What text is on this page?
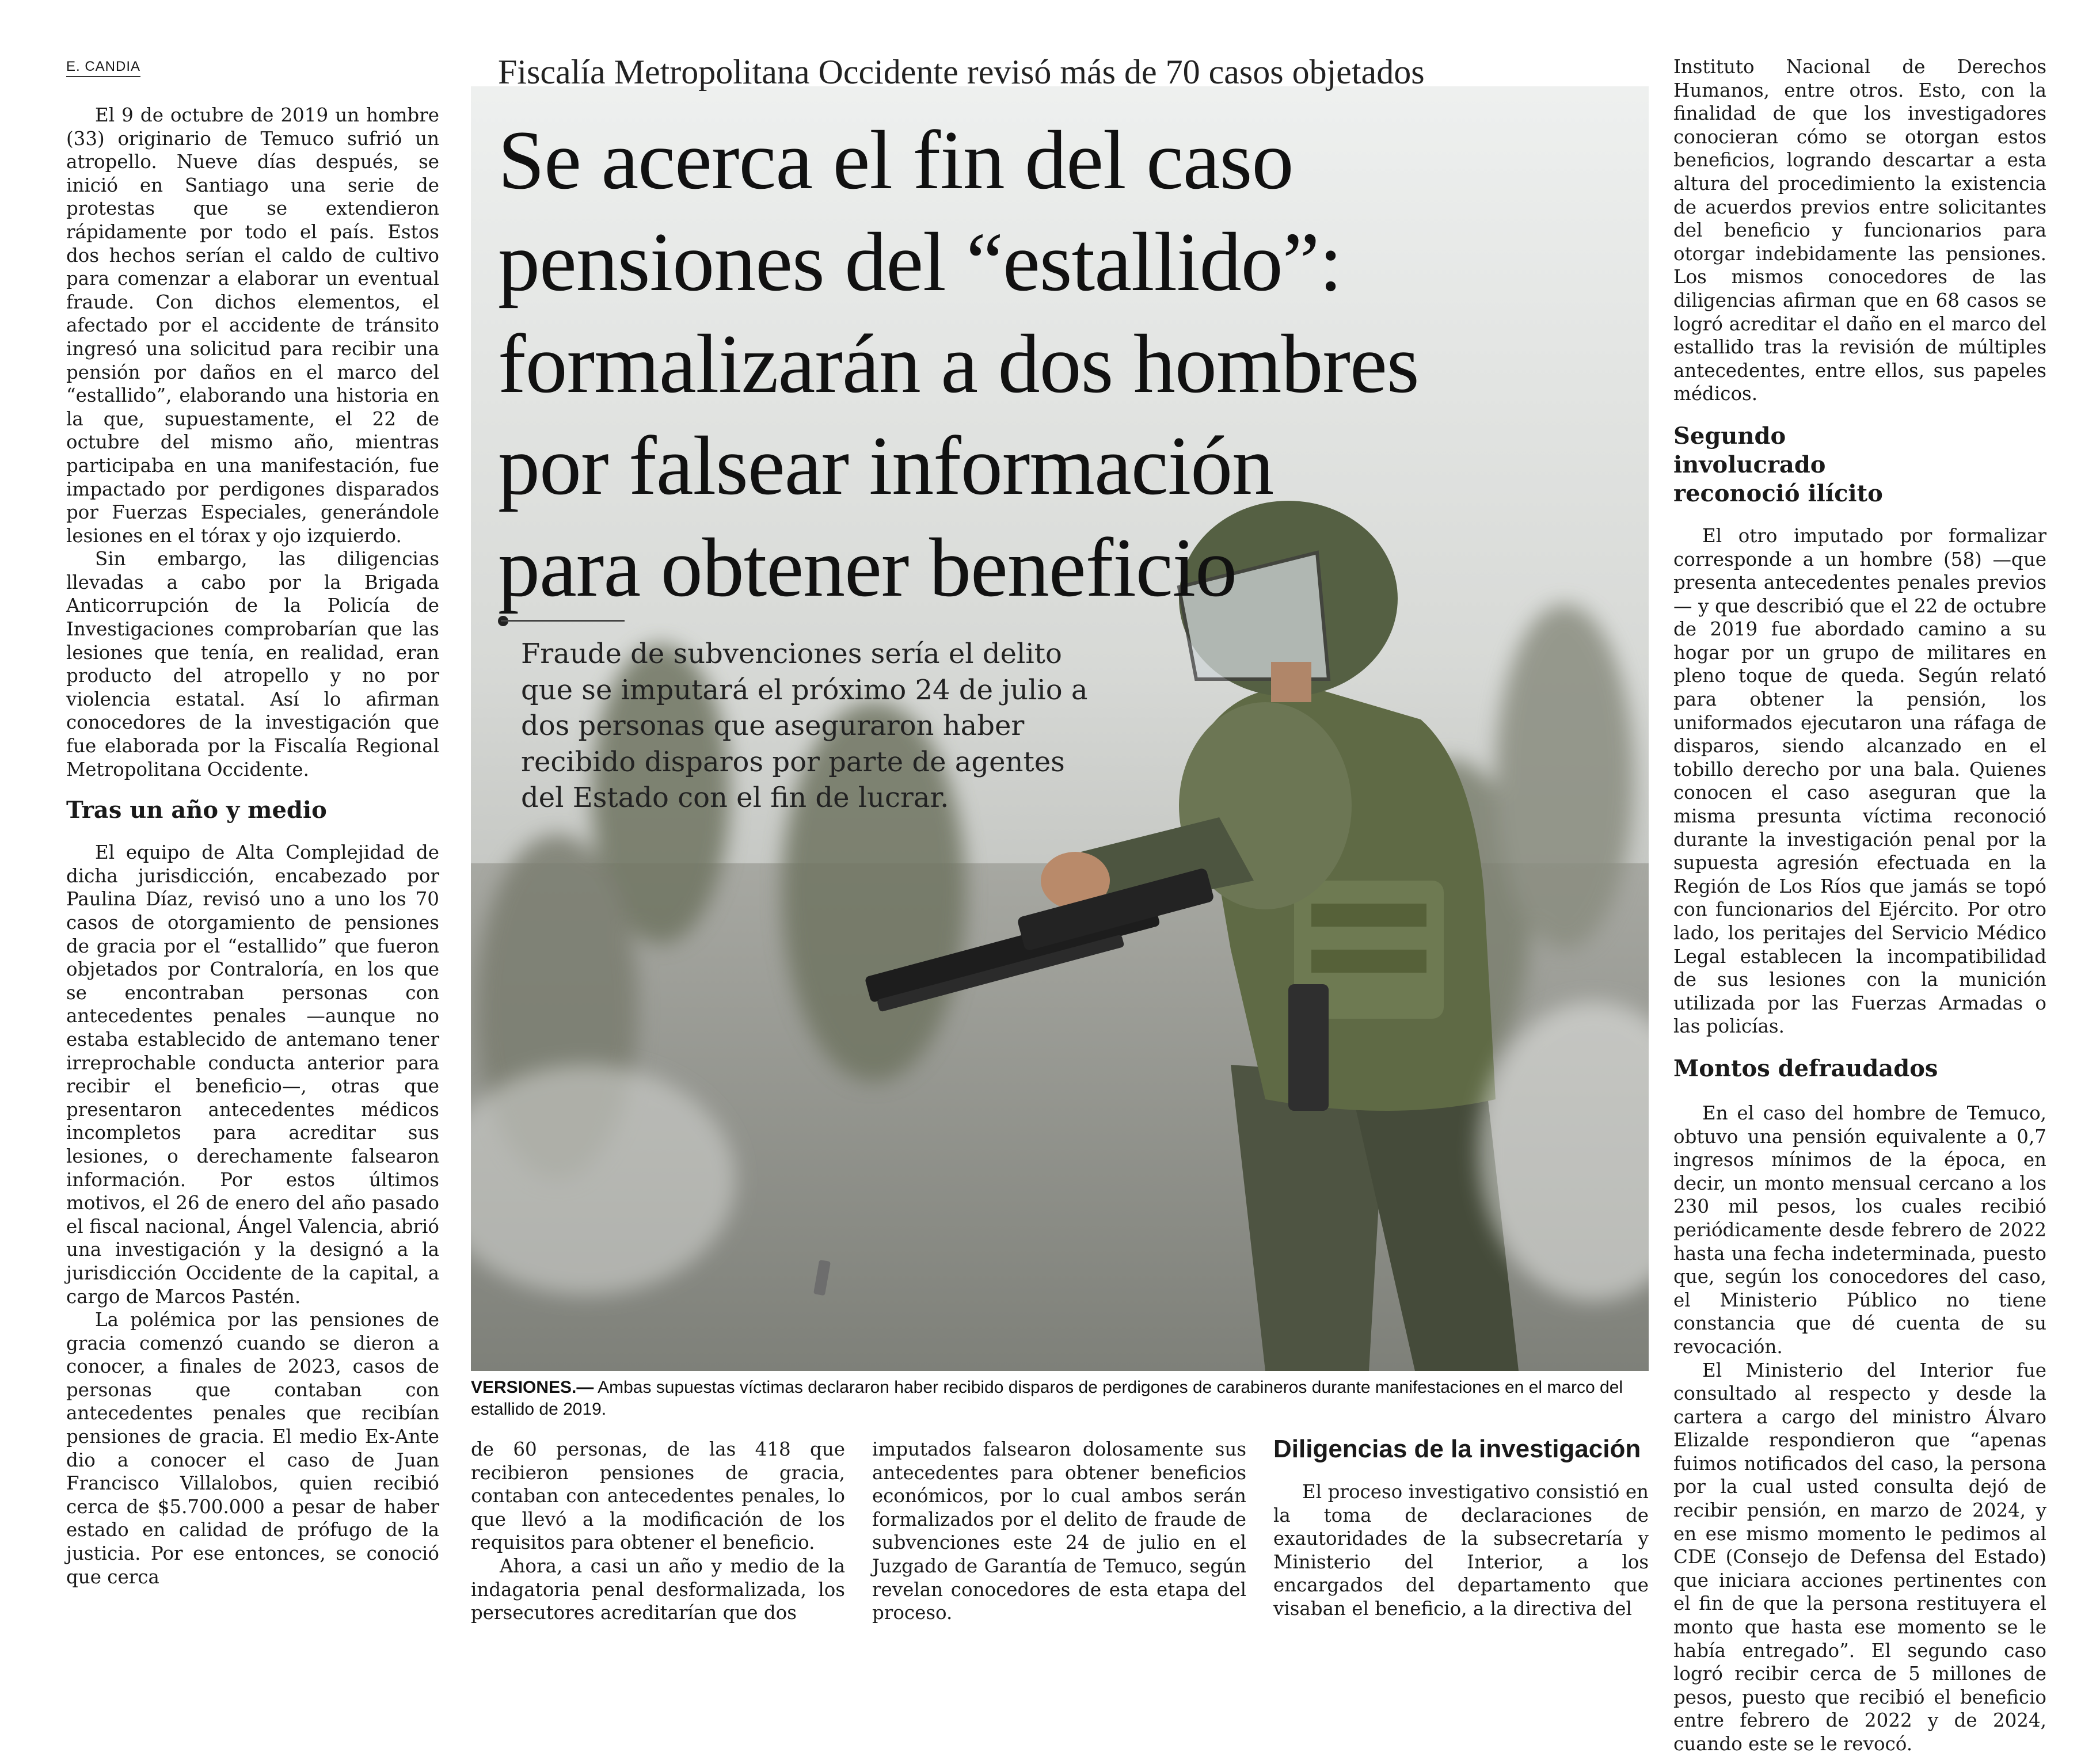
E. CANDIA

El 9 de octubre de 2019 un hombre (33) originario de Temuco sufrió un atropello. Nueve días después, se inició en Santiago una serie de protestas que se extendieron rápidamente por todo el país. Estos dos hechos serían el caldo de cultivo para comenzar a elaborar un eventual fraude. Con dichos elementos, el afectado por el accidente de tránsito ingresó una solicitud para recibir una pensión por daños en el marco del “estallido”, elaborando una historia en la que, supuestamente, el 22 de octubre del mismo año, mientras participaba en una manifestación, fue impactado por perdigones disparados por Fuerzas Especiales, generándole lesiones en el tórax y ojo izquierdo.

Sin embargo, las diligencias llevadas a cabo por la Brigada Anticorrupción de la Policía de Investigaciones comprobarían que las lesiones que tenía, en realidad, eran producto del atropello y no por violencia estatal. Así lo afirman conocedores de la investigación que fue elaborada por la Fiscalía Regional Metropolitana Occidente.

Tras un año y medio

El equipo de Alta Complejidad de dicha jurisdicción, encabezado por Paulina Díaz, revisó uno a uno los 70 casos de otorgamiento de pensiones de gracia por el “estallido” que fueron objetados por Contraloría, en los que se encontraban personas con antecedentes penales —aunque no estaba establecido de antemano tener irreprochable conducta anterior para recibir el beneficio—, otras que presentaron antecedentes médicos incompletos para acreditar sus lesiones, o derechamente falsearon información. Por estos últimos motivos, el 26 de enero del año pasado el fiscal nacional, Ángel Valencia, abrió una investigación y la designó a la jurisdicción Occidente de la capital, a cargo de Marcos Pastén.

La polémica por las pensiones de gracia comenzó cuando se dieron a conocer, a finales de 2023, casos de personas que contaban con antecedentes penales que recibían pensiones de gracia. El medio Ex-Ante dio a conocer el caso de Juan Francisco Villalobos, quien recibió cerca de $5.700.000 a pesar de haber estado en calidad de prófugo de la justicia. Por ese entonces, se conoció que cerca

Fiscalía Metropolitana Occidente revisó más de 70 casos objetados
Se acerca el fin del caso
pensiones del “estallido”:
formalizarán a dos hombres
por falsear información
para obtener beneficio
Fraude de subvenciones sería el delito que se imputará el próximo 24 de julio a dos personas que aseguraron haber recibido disparos por parte de agentes del Estado con el fin de lucrar.
VERSIONES.— Ambas supuestas víctimas declararon haber recibido disparos de perdigones de carabineros durante manifestaciones en el marco del estallido de 2019.

de 60 personas, de las 418 que recibieron pensiones de gracia, contaban con antecedentes penales, lo que llevó a la modificación de los requisitos para obtener el beneficio.

Ahora, a casi un año y medio de la indagatoria penal desformalizada, los persecutores acreditarían que dos

imputados falsearon dolosamente sus antecedentes para obtener beneficios económicos, por lo cual ambos serán formalizados por el delito de fraude de subvenciones este 24 de julio en el Juzgado de Garantía de Temuco, según revelan conocedores de esta etapa del proceso.

Diligencias de la investigación

El proceso investigativo consistió en la toma de declaraciones de exautoridades de la subsecretaría y Ministerio del Interior, a los encargados del departamento que visaban el beneficio, a la directiva del

Instituto Nacional de Derechos Humanos, entre otros. Esto, con la finalidad de que los investigadores conocieran cómo se otorgan estos beneficios, logrando descartar a esta altura del procedimiento la existencia de acuerdos previos entre solicitantes del beneficio y funcionarios para otorgar indebidamente las pensiones. Los mismos conocedores de las diligencias afirman que en 68 casos se logró acreditar el daño en el marco del estallido tras la revisión de múltiples antecedentes, entre ellos, sus papeles médicos.

Segundo involucrado reconoció ilícito

El otro imputado por formalizar corresponde a un hombre (58) —que presenta antecedentes penales previos— y que describió que el 22 de octubre de 2019 fue abordado camino a su hogar por un grupo de militares en pleno toque de queda. Según relató para obtener la pensión, los uniformados ejecutaron una ráfaga de disparos, siendo alcanzado en el tobillo derecho por una bala. Quienes conocen el caso aseguran que la misma presunta víctima reconoció durante la investigación penal por la supuesta agresión efectuada en la Región de Los Ríos que jamás se topó con funcionarios del Ejército. Por otro lado, los peritajes del Servicio Médico Legal establecen la incompatibilidad de sus lesiones con la munición utilizada por las Fuerzas Armadas o las policías.

Montos defraudados

En el caso del hombre de Temuco, obtuvo una pensión equivalente a 0,7 ingresos mínimos de la época, en decir, un monto mensual cercano a los 230 mil pesos, los cuales recibió periódicamente desde febrero de 2022 hasta una fecha indeterminada, puesto que, según los conocedores del caso, el Ministerio Público no tiene constancia que dé cuenta de su revocación.

El Ministerio del Interior fue consultado al respecto y desde la cartera a cargo del ministro Álvaro Elizalde respondieron que “apenas fuimos notificados del caso, la persona por la cual usted consulta dejó de recibir pensión, en marzo de 2024, y en ese mismo momento le pedimos al CDE (Consejo de Defensa del Estado) que iniciara acciones pertinentes con el fin de que la persona restituyera el monto que hasta ese momento se le había entregado”. El segundo caso logró recibir cerca de 5 millones de pesos, puesto que recibió el beneficio entre febrero de 2022 y de 2024, cuando este se le revocó.
